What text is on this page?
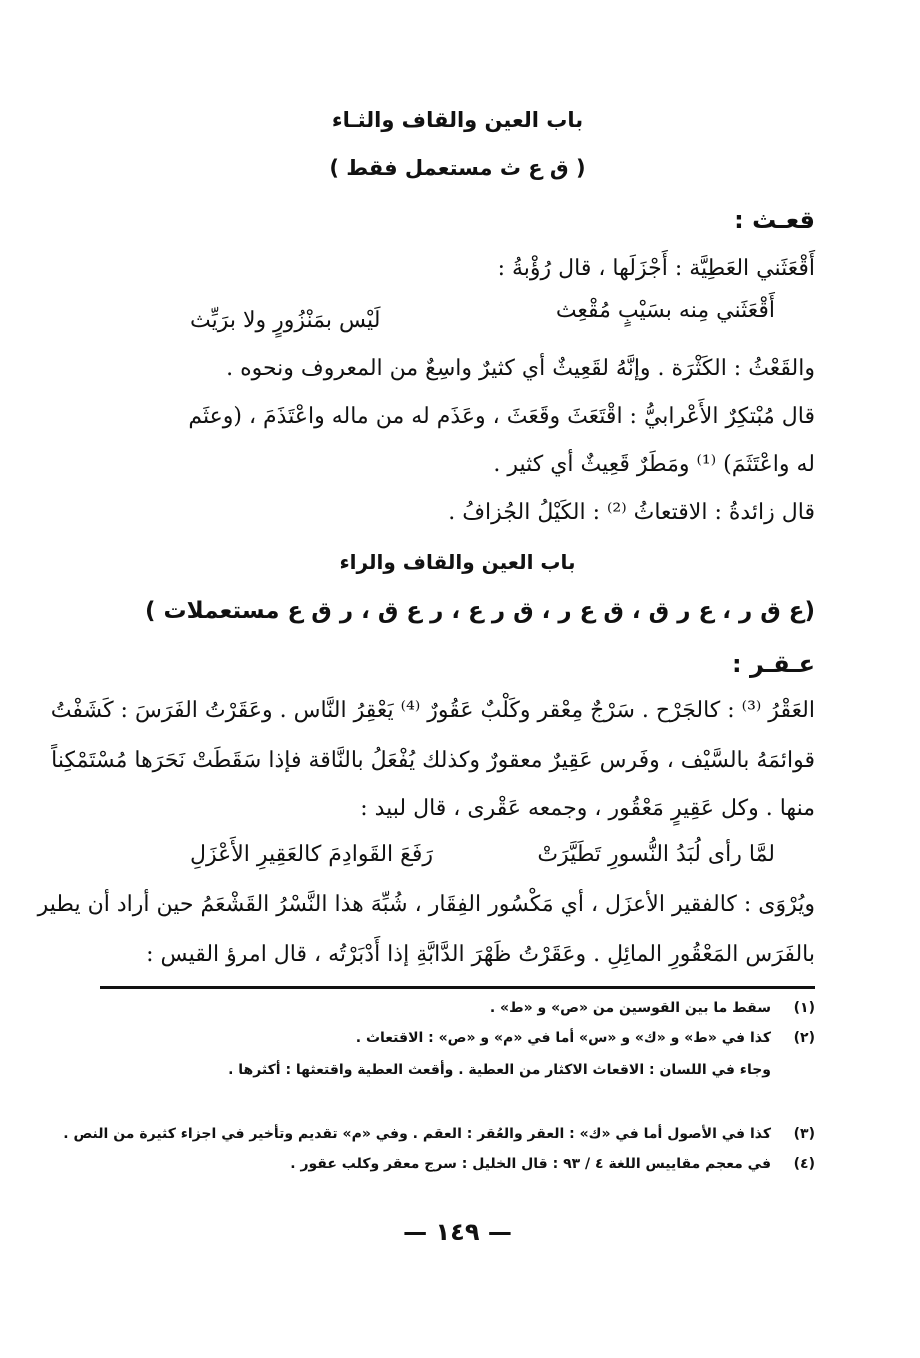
باب العين والقاف والثـاء
( ق ع ث مستعمل فقط )
قعـث :
أَقْعَثَني العَطِيَّة : أَجْزَلَها ، قال رُؤْبةُ :
أَقْعَثَني مِنه بسَيْبٍ مُقْعِث
لَيْس بمَنْزُورٍ ولا برَيِّث
والقَعْثُ : الكَثْرَة . وإنَّهُ لقَعِيثٌ أي كثيرٌ واسِعٌ من المعروف ونحوه .
قال مُبْتكِرٌ الأَعْرابيُّ : اقْتَعَثَ وقَعَثَ ، وعَذَم له من ماله واعْتَذَمَ ، (وعثَم
له واعْتَثَمَ) ⁽¹⁾ ومَطَرٌ قَعِيثٌ أي كثير .
قال زائدةُ : الاقتعاثُ ⁽²⁾ : الكَيْلُ الجُزافُ .
باب العين والقاف والراء
(ع ق ر ، ع ر ق ، ق ع ر ، ق ر ع ، ر ع ق ، ر ق ع مستعملات )
عـقـر :
العَقْرُ ⁽³⁾ : كالجَرْح . سَرْجٌ مِعْقر وكَلْبٌ عَقُورٌ ⁽⁴⁾ يَعْقِرُ النَّاس . وعَقَرْتُ الفَرَسَ : كَشَفْتُ
قوائمَهُ بالسَّيْف ، وفَرس عَقِيرٌ معقورٌ وكذلك يُفْعَلُ بالنَّاقة فإذا سَقَطَتْ نَحَرَها مُسْتَمْكِناً
منها . وكل عَقِيرٍ مَعْقُور ، وجمعه عَقْرى ، قال لبيد :
لمَّا رأى لُبَدُ النُّسورِ تَطَيَّرَتْ
رَفَعَ القَوادِمَ كالعَقِيرِ الأَعْزَلِ
ويُرْوَى : كالفقير الأعزَل ، أي مَكْسُور الفِقَار ، شُبِّهَ هذا النَّسْرُ القَشْعَمُ حين أراد أن يطير
بالفَرَس المَعْقُورِ المائِلِ . وعَقَرْتُ ظَهْرَ الدَّابَّةِ إذا أَدْبَرْتُه ، قال امرؤ القيس :
(١)سقط ما بين القوسين من «ص» و «ط» .
(٢)كذا في «ط» و «ك» و «س» أما في «م» و «ص» : الاقتعاث .
وجاء في اللسان : الاقعاث الاكثار من العطية . وأقعث العطية واقتعثها : أكثرها .
(٣)كذا في الأصول أما في «ك» : العقر والعُقر : العقم . وفي «م» تقديم وتأخير في اجزاء كثيرة من النص .
(٤)في معجم مقاييس اللغة ٤ / ٩٣ : قال الخليل : سرج معقر وكلب عقور .
— ١٤٩ —
